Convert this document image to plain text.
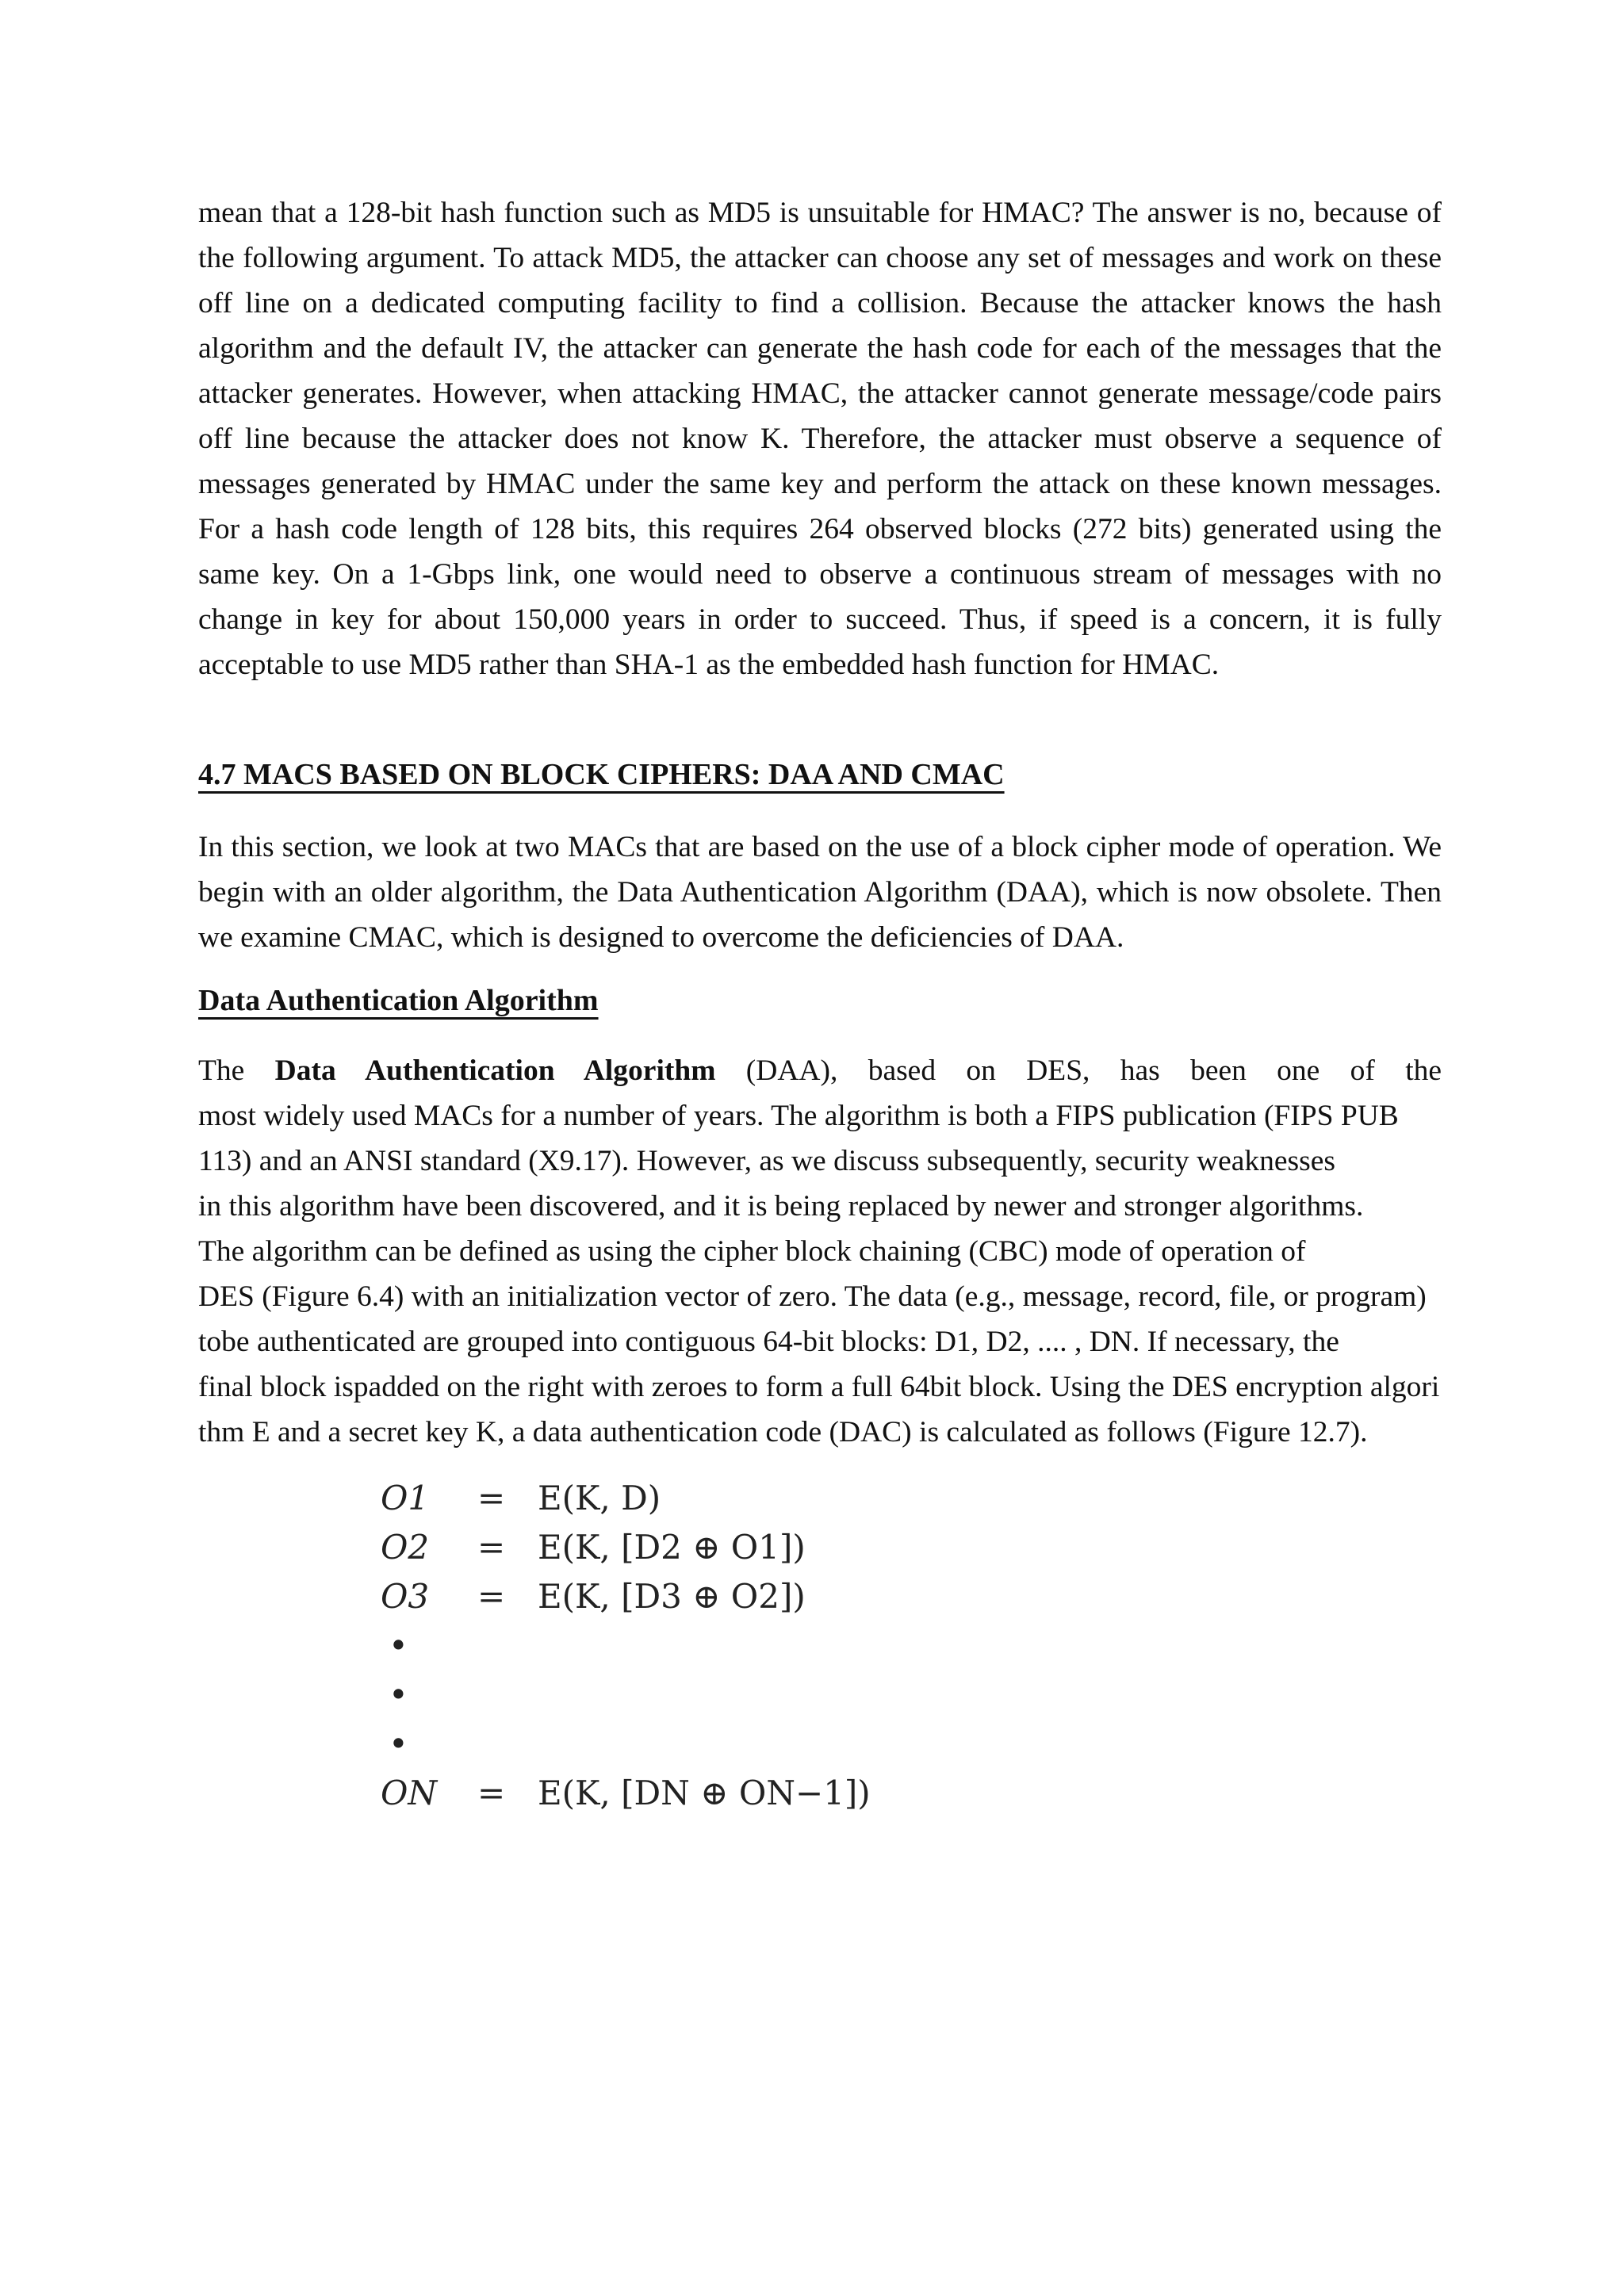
mean that a 128-bit hash function such as MD5 is unsuitable for HMAC? The answer is no, because of the following argument. To attack MD5, the attacker can choose any set of messages and work on these off line on a dedicated computing facility to find a collision. Because the attacker knows the hash algorithm and the default IV, the attacker can generate the hash code for each of the messages that the attacker generates. However, when attacking HMAC, the attacker cannot generate message/code pairs off line because the attacker does not know K. Therefore, the attacker must observe a sequence of messages generated by HMAC under the same key and perform the attack on these known messages. For a hash code length of 128 bits, this requires 264 observed blocks (272 bits) generated using the same key. On a 1-Gbps link, one would need to observe a continuous stream of messages with no change in key for about 150,000 years in order to succeed. Thus, if speed is a concern, it is fully acceptable to use MD5 rather than SHA-1 as the embedded hash function for HMAC.

4.7 MACS BASED ON BLOCK CIPHERS: DAA AND CMAC

In this section, we look at two MACs that are based on the use of a block cipher mode of operation. We begin with an older algorithm, the Data Authentication Algorithm (DAA), which is now obsolete. Then we examine CMAC, which is designed to overcome the deficiencies of DAA.

Data Authentication Algorithm
The Data Authentication Algorithm (DAA), based on DES, has been one of the
most widely used MACs for a number of years. The algorithm is both a FIPS publication (FIPS PUB
113) and an ANSI standard (X9.17). However, as we discuss subsequently, security weaknesses
in this algorithm have been discovered, and it is being replaced by newer and stronger algorithms.
The algorithm can be defined as using the cipher block chaining (CBC) mode of operation of
DES (Figure 6.4) with an initialization vector of zero. The data (e.g., message, record, file, or program)
tobe authenticated are grouped into contiguous 64-bit blocks: D1, D2, .... , DN. If necessary, the
final block ispadded on the right with zeroes to form a full 64bit block. Using the DES encryption algori
thm E and a secret key K, a data authentication code (DAC) is calculated as follows (Figure 12.7).
O1	= E(K, D)
O2	= E(K, [D2 ⊕ O1])
O3	= E(K, [D3 ⊕ O2])
•
•
•
ON	= E(K, [DN ⊕ ON−1])
